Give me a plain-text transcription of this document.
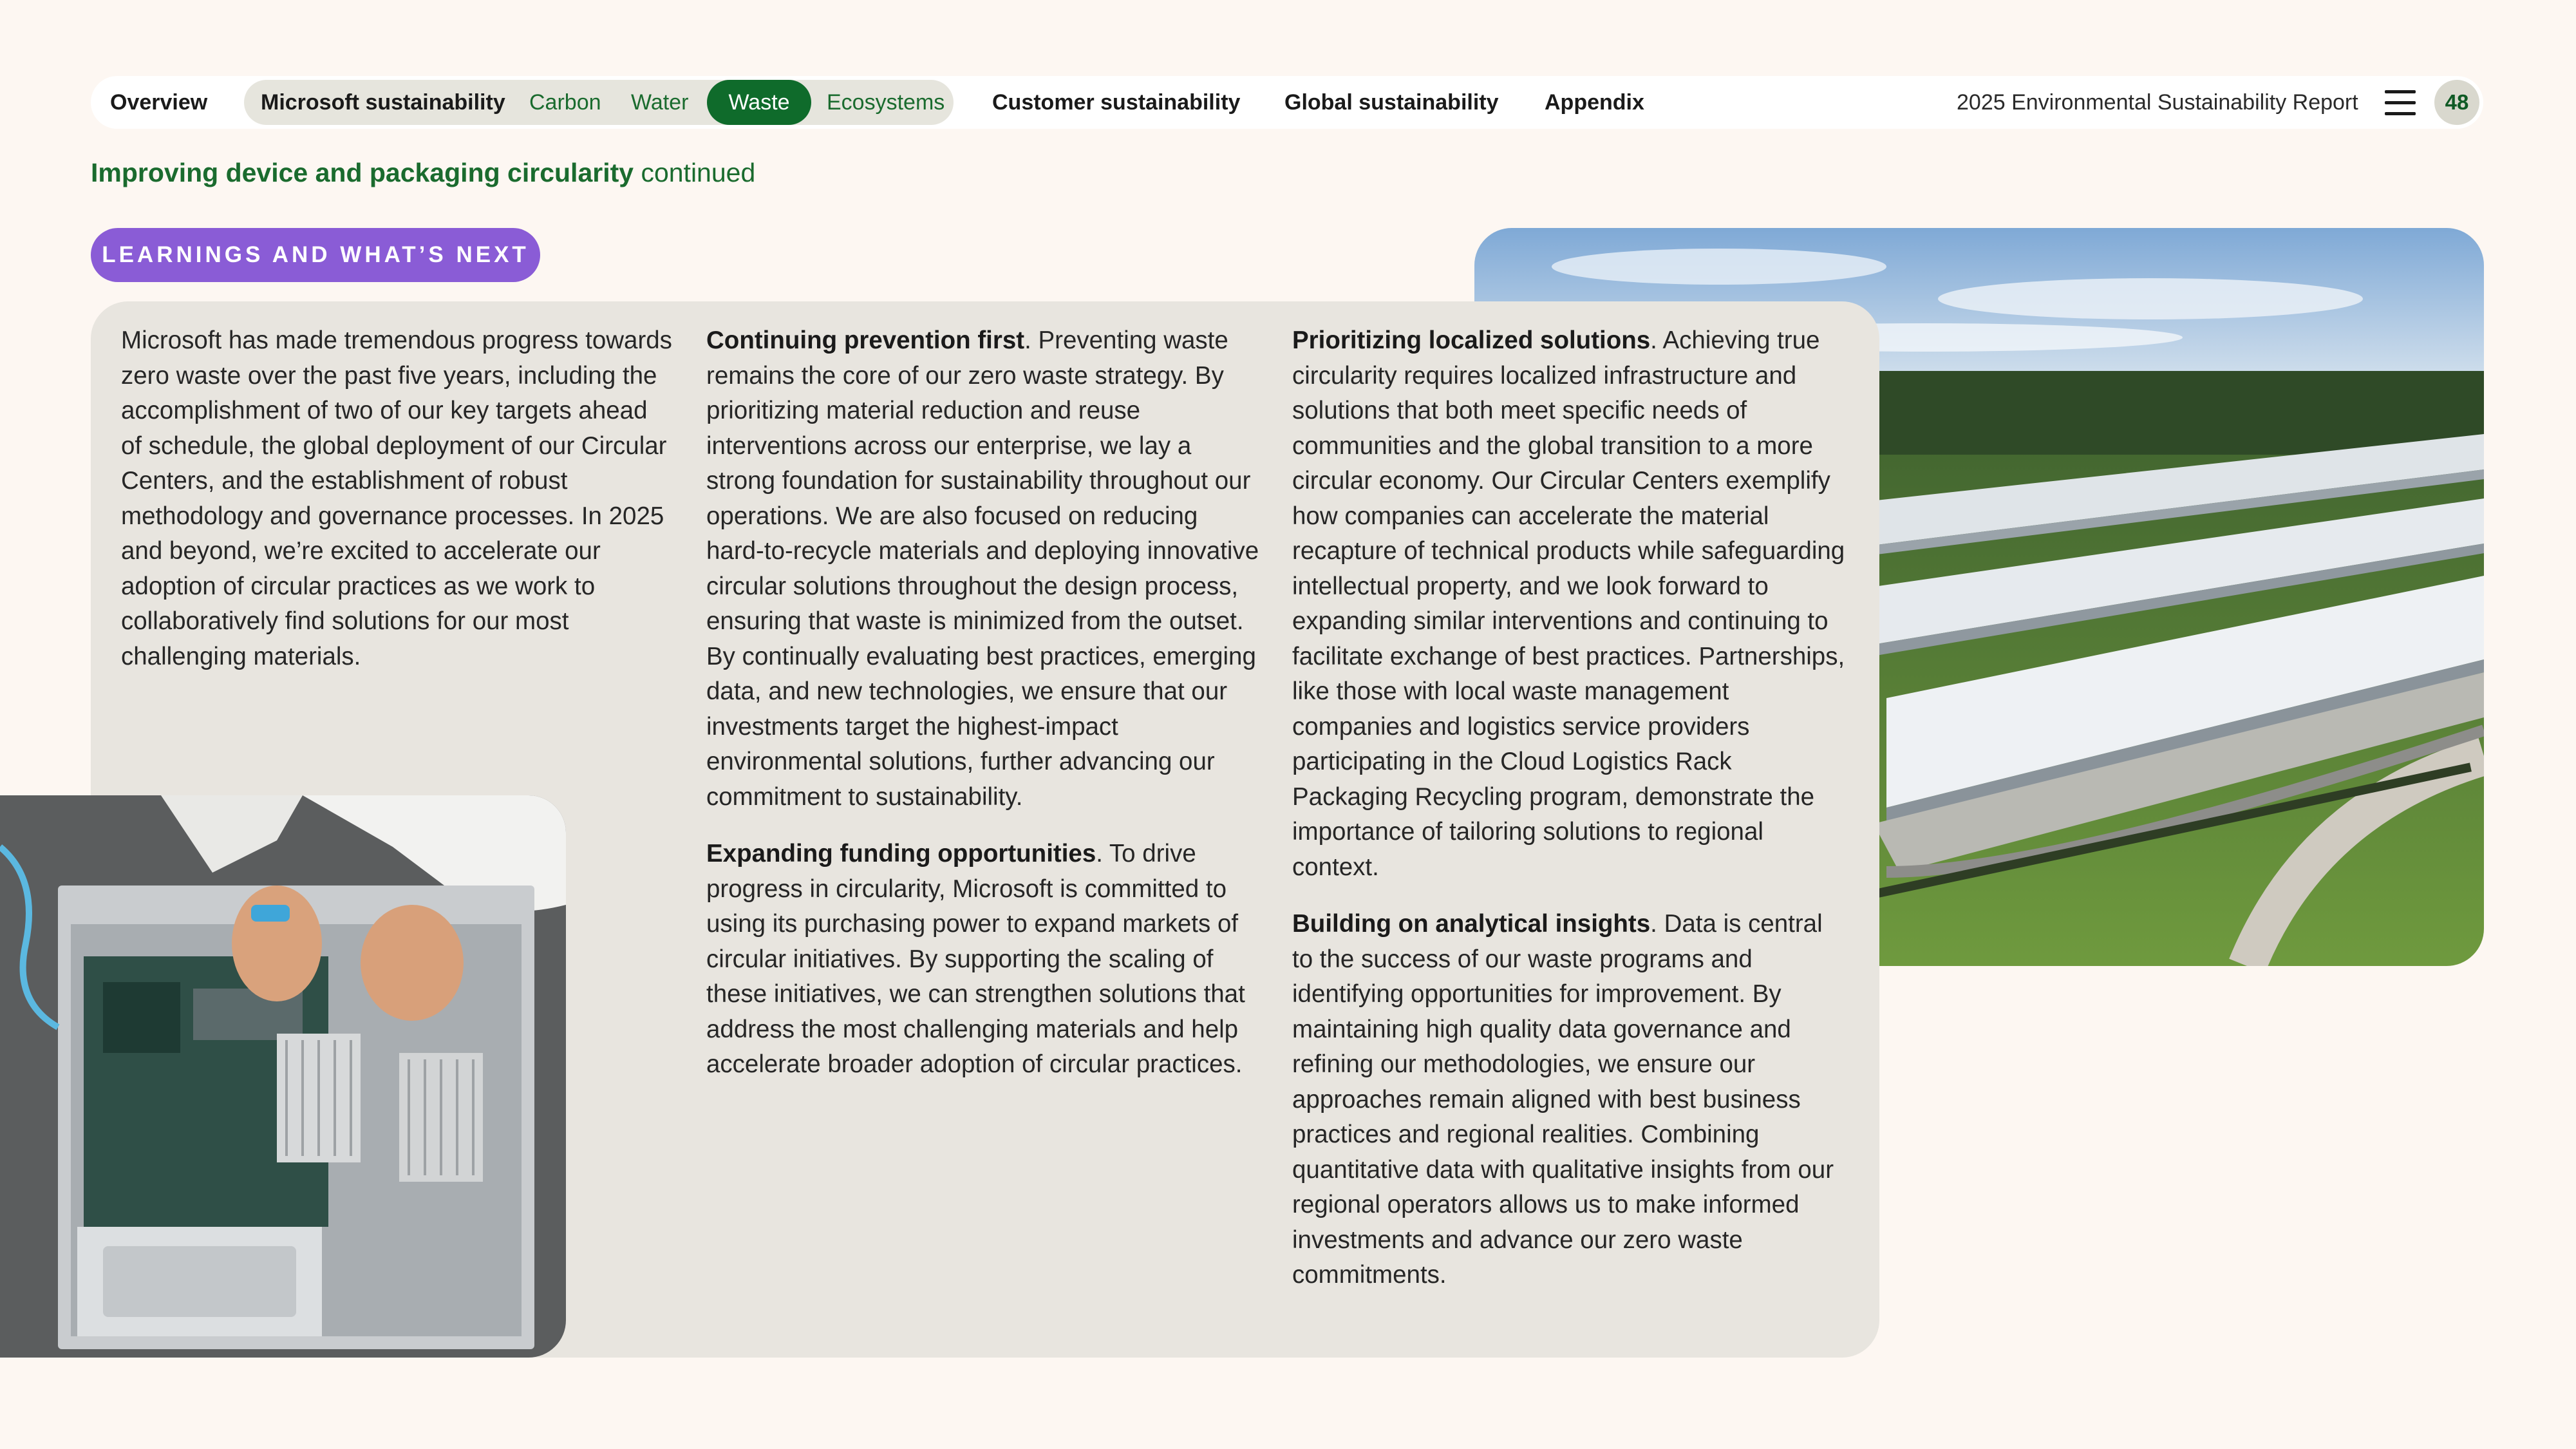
Overview Microsoft sustainability Carbon Water	Waste	Ecosystems Customer sustainability Global sustainability Appendix	2025 Environmental Sustainability Report	48
Improving device and packaging circularity continued
LEARNINGS AND WHAT’S NEXT

Microsoft has made tremendous progress towards zero waste over the past five years, including the accomplishment of two of our key targets ahead of schedule, the global deployment of our Circular Centers, and the establishment of robust methodology and governance processes. In 2025 and beyond, we’re excited to accelerate our adoption of circular practices as we work to collaboratively find solutions for our most challenging materials.

Continuing prevention first. Preventing waste remains the core of our zero waste strategy. By prioritizing material reduction and reuse interventions across our enterprise, we lay a strong foundation for sustainability throughout our operations. We are also focused on reducing hard-to-recycle materials and deploying innovative circular solutions throughout the design process, ensuring that waste is minimized from the outset. By continually evaluating best practices, emerging data, and new technologies, we ensure that our investments target the highest-impact environmental solutions, further advancing our commitment to sustainability.

Expanding funding opportunities. To drive progress in circularity, Microsoft is committed to using its purchasing power to expand markets of circular initiatives. By supporting the scaling of these initiatives, we can strengthen solutions that address the most challenging materials and help accelerate broader adoption of circular practices.

Prioritizing localized solutions. Achieving true circularity requires localized infrastructure and solutions that both meet specific needs of communities and the global transition to a more circular economy. Our Circular Centers exemplify how companies can accelerate the material recapture of technical products while safeguarding intellectual property, and we look forward to expanding similar interventions and continuing to facilitate exchange of best practices. Partnerships, like those with local waste management companies and logistics service providers participating in the Cloud Logistics Rack Packaging Recycling program, demonstrate the importance of tailoring solutions to regional context.

Building on analytical insights. Data is central to the success of our waste programs and identifying opportunities for improvement. By maintaining high quality data governance and refining our methodologies, we ensure our approaches remain aligned with best business practices and regional realities. Combining quantitative data with qualitative insights from our regional operators allows us to make informed investments and advance our zero waste commitments.
